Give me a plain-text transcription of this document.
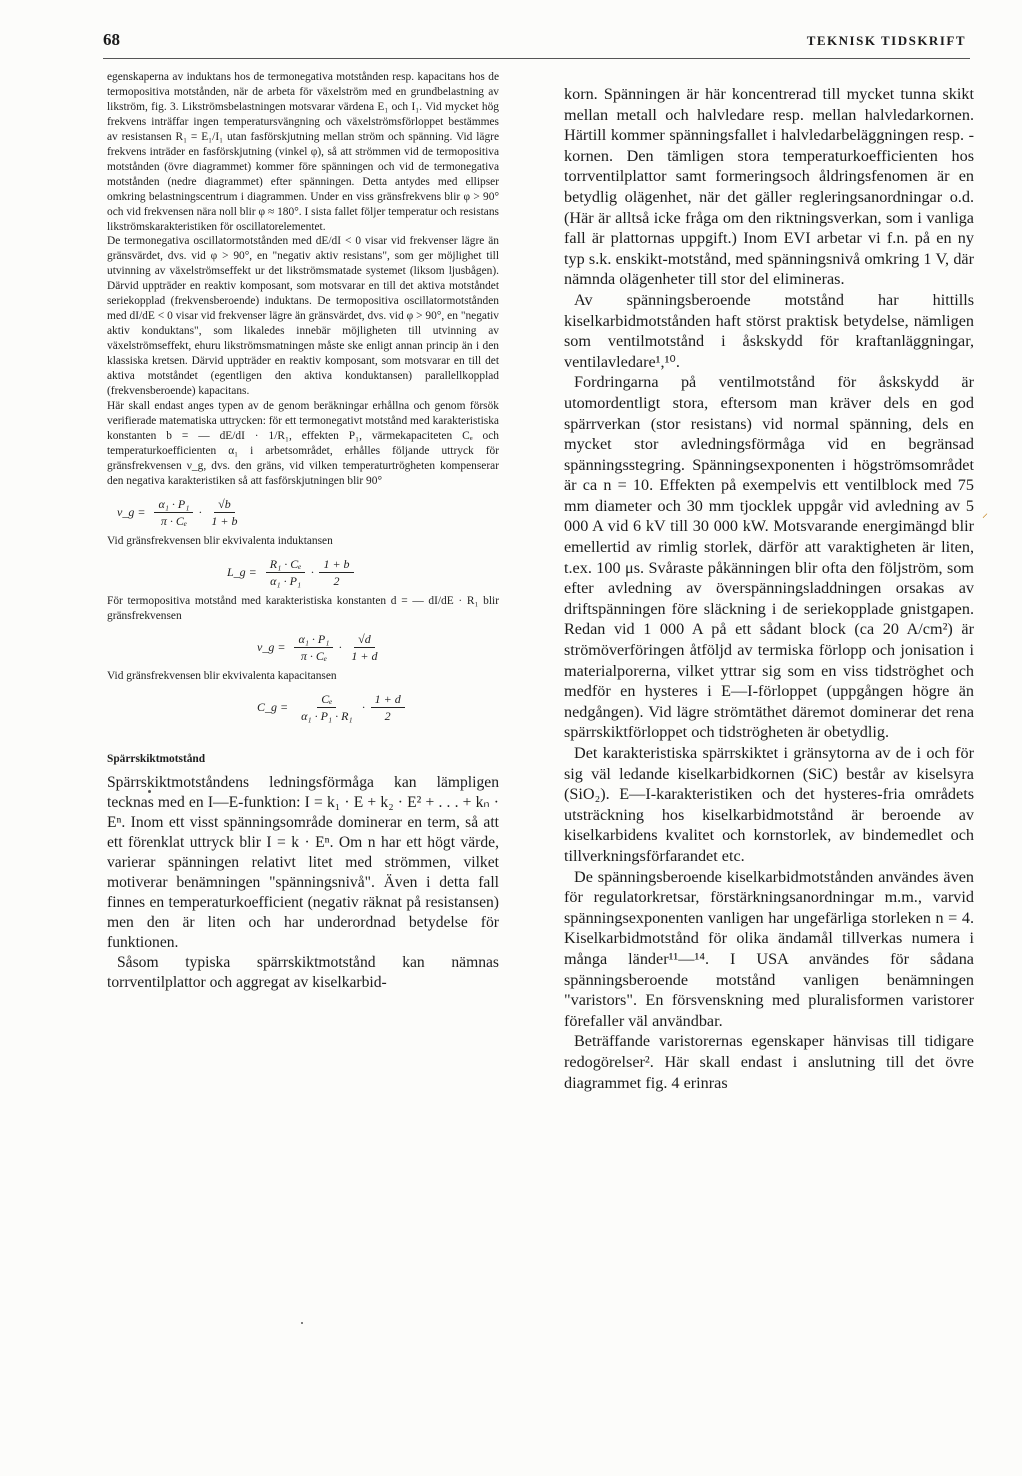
68	TEKNISK TIDSKRIFT

egenskaperna av induktans hos de termonegativa motstånden resp. kapacitans hos de termopositiva motstånden, när de arbeta för växelström med en grundbelastning av likström, fig. 3. Likströmsbelastningen motsvarar värdena E₁ och I₁. Vid mycket hög frekvens inträffar ingen temperatursvängning och växelströmsförloppet bestämmes av resistansen R₁ = E₁/I₁ utan fasförskjutning mellan ström och spänning. Vid lägre frekvens inträder en fasförskjutning (vinkel φ), så att strömmen vid de termopositiva motstånden (övre diagrammet) kommer före spänningen och vid de termonegativa motstånden (nedre diagrammet) efter spänningen. Detta antydes med ellipser omkring belastningscentrum i diagrammen. Under en viss gränsfrekvens blir φ > 90° och vid frekvensen nära noll blir φ ≈ 180°. I sista fallet följer temperatur och resistans likströmskarakteristiken för oscillatorelementet.

De termonegativa oscillatormotstånden med dE/dI < 0 visar vid frekvenser lägre än gränsvärdet, dvs. vid φ > 90°, en "negativ aktiv resistans", som ger möjlighet till utvinning av växelströmseffekt ur det likströmsmatade systemet (liksom ljusbågen). Därvid uppträder en reaktiv komposant, som motsvarar en till det aktiva motståndet seriekopplad (frekvensberoende) induktans. De termopositiva oscillatormotstånden med dI/dE < 0 visar vid frekvenser lägre än gränsvärdet, dvs. vid φ > 90°, en "negativ aktiv konduktans", som likaledes innebär möjligheten till utvinning av växelströmseffekt, ehuru likströmsmatningen måste ske enligt annan princip än i den klassiska kretsen. Därvid uppträder en reaktiv komposant, som motsvarar en till det aktiva motståndet (egentligen den aktiva konduktansen) parallellkopplad (frekvensberoende) kapacitans.

Här skall endast anges typen av de genom beräkningar erhållna och genom försök verifierade matematiska uttrycken: för ett termonegativt motstånd med karakteristiska konstanten b = — dE/dI · 1/R₁, effekten P₁, värmekapaciteten Cₑ och temperaturkoefficienten α₁ i arbetsområdet, erhålles följande uttryck för gränsfrekvensen ν_g, dvs. den gräns, vid vilken temperaturtrögheten kompenserar den negativa karakteristiken så att fasförskjutningen blir 90°

ν_g = $\frac{\text{α₁ · P₁}}{\text{π · Cₑ}} \cdot \frac{√b}{1 + b}$

Vid gränsfrekvensen blir ekvivalenta induktansen

L_g = $\frac{\text{R₁ · Cₑ}}{\text{α₁ · P₁}} \cdot \frac{1 + b}{2}$

För termopositiva motstånd med karakteristiska konstanten d = — dI/dE · R₁ blir gränsfrekvensen

ν_g = $\frac{\text{α₁ · P₁}}{\text{π · Cₑ}} \cdot \frac{√d}{1 + d}$

Vid gränsfrekvensen blir ekvivalenta kapacitansen

C_g = $\frac{\text{Cₑ}}{\text{α₁ · P₁ · R₁}} \cdot \frac{1 + d}{2}$
Spärrskiktmotstånd

Spärrskiktmotståndens ledningsförmåga kan lämpligen tecknas med en I—E-funktion: I = k₁ · E + k₂ · E² + . . . + kₙ · Eⁿ. Inom ett visst spänningsområde dominerar en term, så att ett förenklat uttryck blir I = k · Eⁿ. Om n har ett högt värde, varierar spänningen relativt litet med strömmen, vilket motiverar benämningen "spänningsnivå". Även i detta fall finnes en temperaturkoefficient (negativ räknat på resistansen) men den är liten och har underordnad betydelse för funktionen.

Såsom typiska spärrskiktmotstånd kan nämnas torrventilplattor och aggregat av kiselkarbid-

korn. Spänningen är här koncentrerad till mycket tunna skikt mellan metall och halvledare resp. mellan halvledarkornen. Härtill kommer spänningsfallet i halvledarbeläggningen resp. -kornen. Den tämligen stora temperaturkoefficienten hos torrventilplattor samt formeringsoch åldringsfenomen är en betydlig olägenhet, när det gäller regleringsanordningar o.d. (Här är alltså icke fråga om den riktningsverkan, som i vanliga fall är plattornas uppgift.) Inom EVI arbetar vi f.n. på en ny typ s.k. enskikt-motstånd, med spänningsnivå omkring 1 V, där nämnda olägenheter till stor del elimineras.

Av spänningsberoende motstånd har hittills kiselkarbidmotstånden haft störst praktisk betydelse, nämligen som ventilmotstånd i åskskydd för kraftanläggningar, ventilavledare¹,¹⁰.

Fordringarna på ventilmotstånd för åskskydd är utomordentligt stora, eftersom man kräver dels en god spärrverkan (stor resistans) vid normal spänning, dels en mycket stor avledningsförmåga vid en begränsad spänningsstegring. Spänningsexponenten i högströmsområdet är ca n = 10. Effekten på exempelvis ett ventilblock med 75 mm diameter och 30 mm tjocklek uppgår vid avledning av 5 000 A vid 6 kV till 30 000 kW. Motsvarande energimängd blir emellertid av rimlig storlek, därför att varaktigheten är liten, t.ex. 100 μs. Svåraste påkänningen blir ofta den följström, som efter avledning av överspänningsladdningen orsakas av driftspänningen före släckning i de seriekopplade gnistgapen. Redan vid 1 000 A på ett sådant block (ca 20 A/cm²) är strömöverföringen åtföljd av termiska förlopp och jonisation i materialporerna, vilket yttrar sig som en viss tidströghet och medför en hysteres i E—I-förloppet (uppgången högre än nedgången). Vid lägre strömtäthet däremot dominerar det rena spärrskiktförloppet och tidströgheten är obetydlig.

Det karakteristiska spärrskiktet i gränsytorna av de i och för sig väl ledande kiselkarbidkornen (SiC) består av kiselsyra (SiO₂). E—I-karakteristiken och det hysteres-fria områdets utsträckning hos kiselkarbidmotstånd är beroende av kiselkarbidens kvalitet och kornstorlek, av bindemedlet och tillverkningsförfarandet etc.

De spänningsberoende kiselkarbidmotstånden användes även för regulatorkretsar, förstärkningsanordningar m.m., varvid spänningsexponenten vanligen har ungefärliga storleken n = 4. Kiselkarbidmotstånd för olika ändamål tillverkas numera i många länder¹¹—¹⁴. I USA användes för sådana spänningsberoende motstånd vanligen benämningen "varistors". En försvenskning med pluralisformen varistorer förefaller väl användbar.

Beträffande varistorernas egenskaper hänvisas till tidigare redogörelser². Här skall endast i anslutning till det övre diagrammet fig. 4 erinras

⸝
